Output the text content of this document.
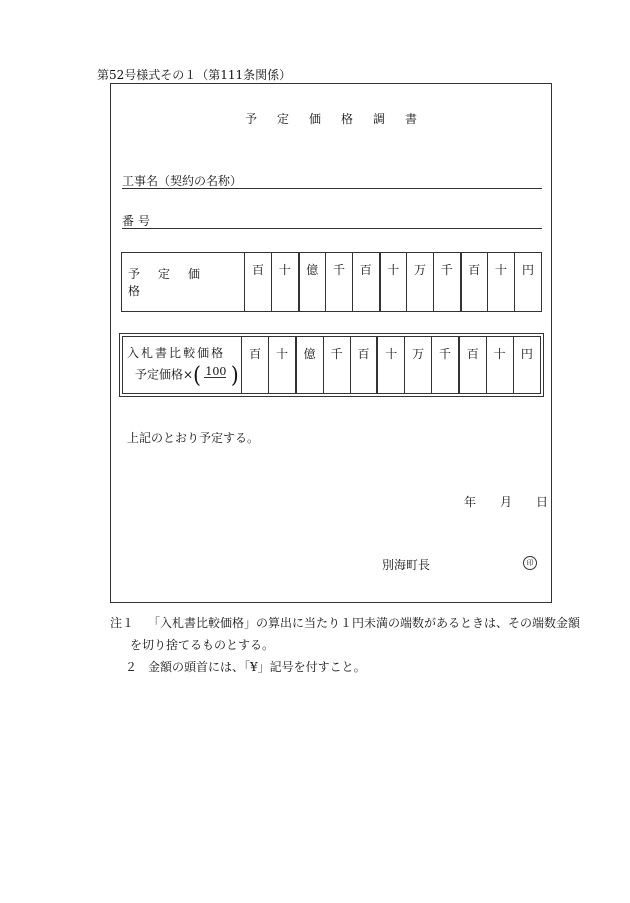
第52号様式その１（第111条関係）
予 定 価 格 調 書
工事名（契約の名称）
番 号
予 定 価格

百	十	億	千	百	十	万	千	百	十	円
入 札 書 比 較 価 格
予定価格×( 100 )

百	十	億	千	百	十	万	千	百	十	円
上記のとおり予定する。
年 月 日
別海町長	印
注１ 「入札書比較価格」の算出に当たり１円未満の端数があるときは、その端数金額
を切り捨てるものとする。
２ 金額の頭首には、「¥」記号を付すこと。
